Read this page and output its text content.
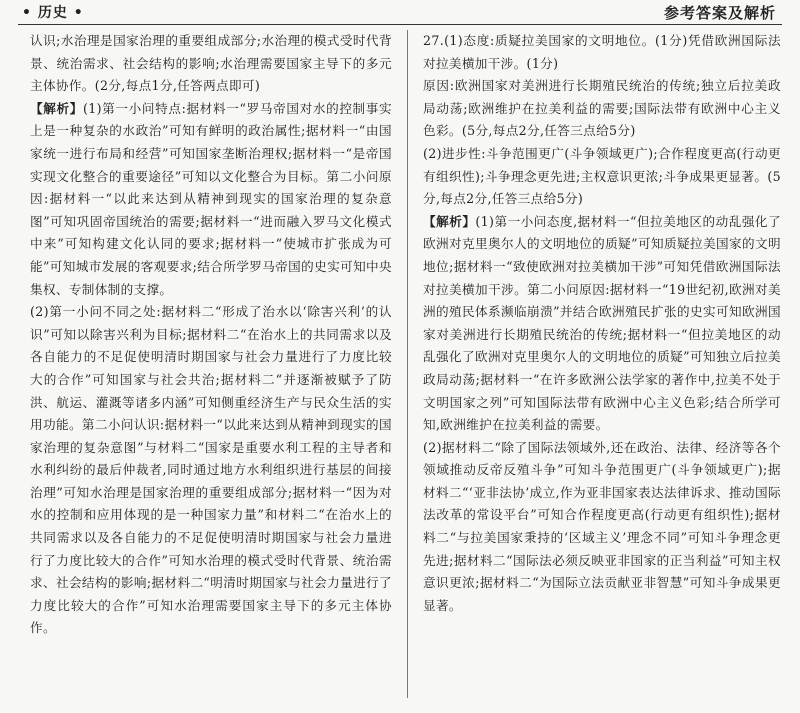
• 历史 •	参考答案及解析

认识;水治理是国家治理的重要组成部分;水治理的模式受时代背景、统治需求、社会结构的影响;水治理需要国家主导下的多元主体协作。(2分,每点1分,任答两点即可)

【解析】(1)第一小问特点:据材料一“罗马帝国对水的控制事实上是一种复杂的水政治”可知有鲜明的政治属性;据材料一“由国家统一进行布局和经营”可知国家垄断治理权;据材料一“是帝国实现文化整合的重要途径”可知以文化整合为目标。第二小问原因:据材料一“以此来达到从精神到现实的国家治理的复杂意图”可知巩固帝国统治的需要;据材料一“进而融入罗马文化模式中来”可知构建文化认同的要求;据材料一“使城市扩张成为可能”可知城市发展的客观要求;结合所学罗马帝国的史实可知中央集权、专制体制的支撑。

(2)第一小问不同之处:据材料二“形成了治水以‘除害兴利’的认识”可知以除害兴利为目标;据材料二“在治水上的共同需求以及各自能力的不足促使明清时期国家与社会力量进行了力度比较大的合作”可知国家与社会共治;据材料二“并逐渐被赋予了防洪、航运、灌溉等诸多内涵”可知侧重经济生产与民众生活的实用功能。第二小问认识:据材料一“以此来达到从精神到现实的国家治理的复杂意图”与材料二“国家是重要水利工程的主导者和水利纠纷的最后仲裁者,同时通过地方水利组织进行基层的间接治理”可知水治理是国家治理的重要组成部分;据材料一“因为对水的控制和应用体现的是一种国家力量”和材料二“在治水上的共同需求以及各自能力的不足促使明清时期国家与社会力量进行了力度比较大的合作”可知水治理的模式受时代背景、统治需求、社会结构的影响;据材料二“明清时期国家与社会力量进行了力度比较大的合作”可知水治理需要国家主导下的多元主体协作。

27.(1)态度:质疑拉美国家的文明地位。(1分)凭借欧洲国际法对拉美横加干涉。(1分)

原因:欧洲国家对美洲进行长期殖民统治的传统;独立后拉美政局动荡;欧洲维护在拉美利益的需要;国际法带有欧洲中心主义色彩。(5分,每点2分,任答三点给5分)

(2)进步性:斗争范围更广(斗争领域更广);合作程度更高(行动更有组织性);斗争理念更先进;主权意识更浓;斗争成果更显著。(5分,每点2分,任答三点给5分)

【解析】(1)第一小问态度,据材料一“但拉美地区的动乱强化了欧洲对克里奥尔人的文明地位的质疑”可知质疑拉美国家的文明地位;据材料一“致使欧洲对拉美横加干涉”可知凭借欧洲国际法对拉美横加干涉。第二小问原因:据材料一“19世纪初,欧洲对美洲的殖民体系濒临崩溃”并结合欧洲殖民扩张的史实可知欧洲国家对美洲进行长期殖民统治的传统;据材料一“但拉美地区的动乱强化了欧洲对克里奥尔人的文明地位的质疑”可知独立后拉美政局动荡;据材料一“在许多欧洲公法学家的著作中,拉美不处于文明国家之列”可知国际法带有欧洲中心主义色彩;结合所学可知,欧洲维护在拉美利益的需要。

(2)据材料二“除了国际法领域外,还在政治、法律、经济等各个领域推动反帝反殖斗争”可知斗争范围更广(斗争领域更广);据材料二“‘亚非法协’成立,作为亚非国家表达法律诉求、推动国际法改革的常设平台”可知合作程度更高(行动更有组织性);据材料二“与拉美国家秉持的‘区域主义’理念不同”可知斗争理念更先进;据材料二“国际法必须反映亚非国家的正当利益”可知主权意识更浓;据材料二“为国际立法贡献亚非智慧”可知斗争成果更显著。
